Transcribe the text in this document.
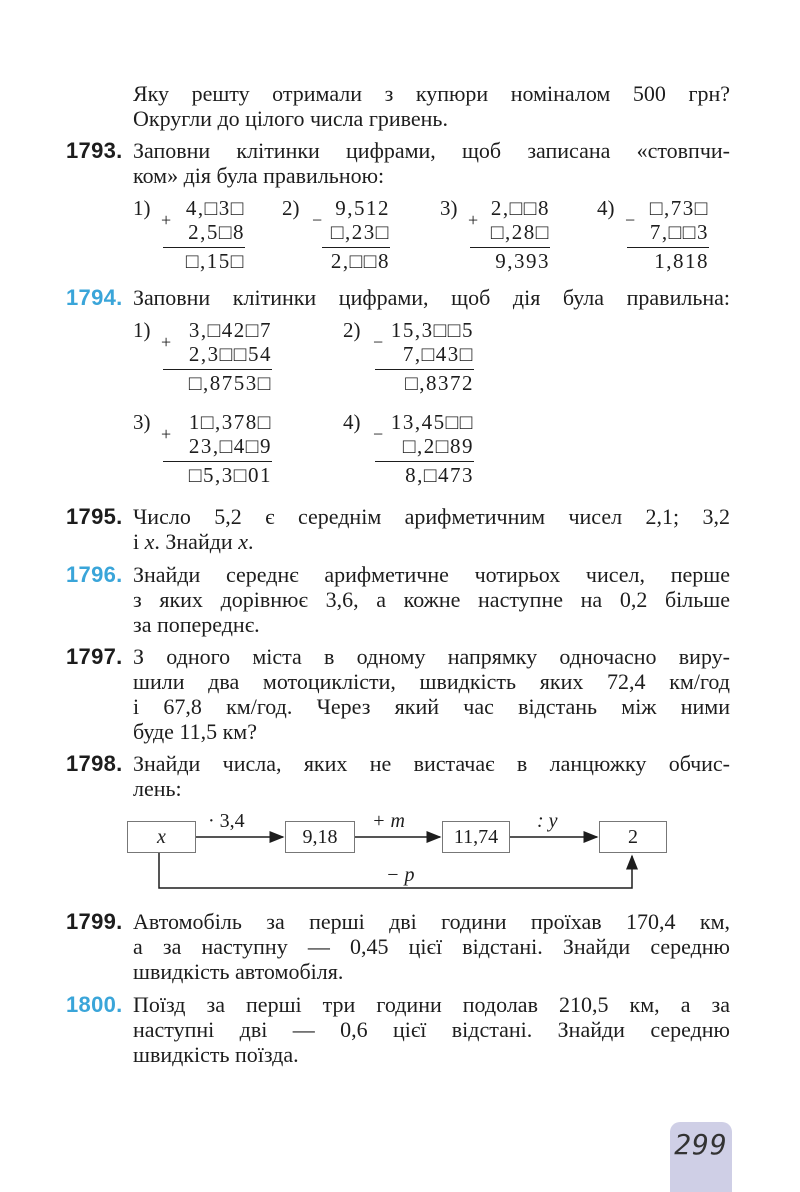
Яку решту отримали з купюри номіналом 500 грн?
Округли до цілого числа гривень.
1793. Заповни клітинки цифрами, щоб записана «стовпчи-
ком» дія була правильною:
1) + 4,□3□
2,5□8
□,15□
2) − 9,512
□,23□
2,□□8
3) + 2,□□8
□,28□
9,393
4) − □,73□
7,□□3
1,818
1794. Заповни клітинки цифрами, щоб дія була правильна:
1) + 3,□42□7
2,3□□54
□,8753□
2) − 15,3□□5
7,□43□
□,8372
3) + 1□,378□
23,□4□9
□5,3□01
4) − 13,45□□
□,2□89
8,□473
1795. Число 5,2 є середнім арифметичним чисел 2,1; 3,2
і x. Знайди x.
1796. Знайди середнє арифметичне чотирьох чисел, перше
з яких дорівнює 3,6, а кожне наступне на 0,2 більше
за попереднє.
1797. З одного міста в одному напрямку одночасно виру-
шили два мотоциклісти, швидкість яких 72,4 км/год
і 67,8 км/год. Через який час відстань між ними
буде 11,5 км?
1798. Знайди числа, яких не вистачає в ланцюжку обчис-
лень:
x	9,18	11,74	2
· 3,4	+ m	: y
− p
1799. Автомобіль за перші дві години проїхав 170,4 км,
а за наступну — 0,45 цієї відстані. Знайди середню
швидкість автомобіля.
1800. Поїзд за перші три години подолав 210,5 км, а за
наступні дві — 0,6 цієї відстані. Знайди середню
швидкість поїзда.
299
